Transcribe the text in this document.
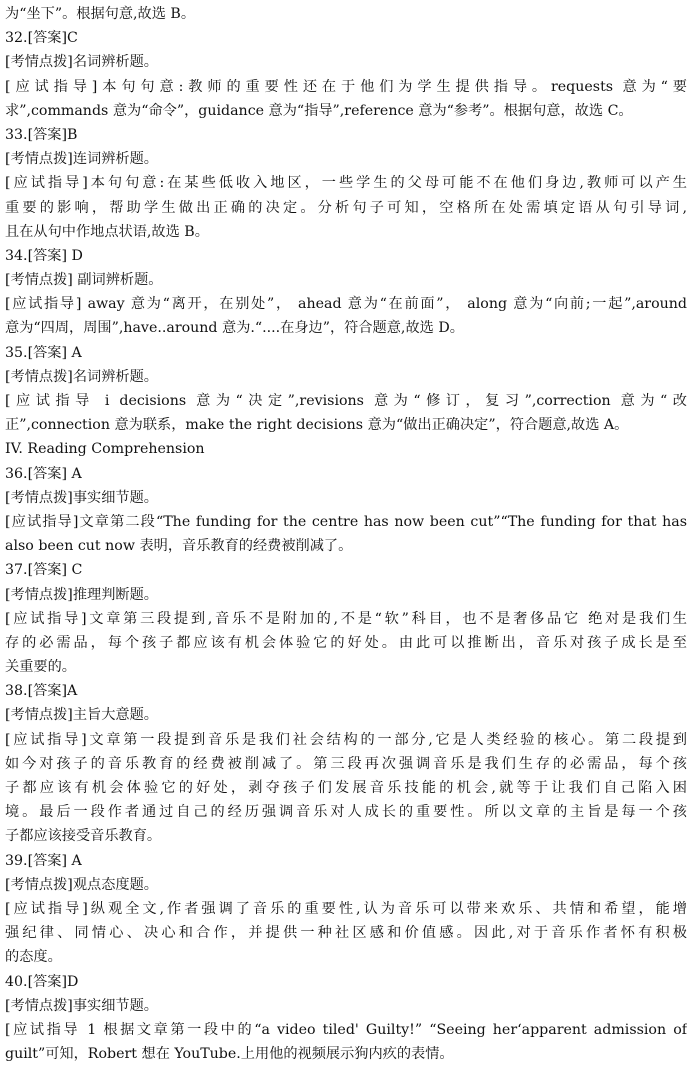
为“坐下”。根据句意,故选 B。
32.[答案]C
[考情点拨]名词辨析题。
[应试指导]本句句意:教师的重要性还在于他们为学生提供指导。requests 意为“要
求”,commands 意为“命令”，guidance 意为“指导”,reference 意为“参考”。根据句意，故选 C。
33.[答案]B
[考情点拨]连词辨析题。
[应试指导]本句句意:在某些低收入地区，一些学生的父母可能不在他们身边,教师可以产生
重要的影响，帮助学生做出正确的决定。分析句子可知，空格所在处需填定语从句引导词,
且在从句中作地点状语,故选 B。
34.[答案] D
[考情点拨] 副词辨析题。
[应试指导] away 意为“离开，在别处”， ahead 意为“在前面”， along 意为“向前;一起”,around
意为“四周，周围”,have..around 意为.“....在身边”，符合题意,故选 D。
35.[答案] A
[考情点拨]名词辨析题。
[应试指导 i decisions 意为“决定”,revisions 意为“修订，复习”,correction 意为“改
正”,connection 意为联系，make the right decisions 意为“做出正确决定”，符合题意,故选 A。
IV. Reading Comprehension
36.[答案] A
[考情点拨]事实细节题。
[应试指导]文章第二段“The funding for the centre has now been cut”“The funding for that has
also been cut now 表明，音乐教育的经费被削减了。
37.[答案] C
[考情点拨]推理判断题。
[应试指导]文章第三段提到,音乐不是附加的,不是“软”科目，也不是奢侈品它 绝对是我们生
存的必需品，每个孩子都应该有机会体验它的好处。由此可以推断出，音乐对孩子成长是至
关重要的。
38.[答案]A
[考情点拨]主旨大意题。
[应试指导]文章第一段提到音乐是我们社会结构的一部分,它是人类经验的核心。第二段提到
如今对孩子的音乐教育的经费被削减了。第三段再次强调音乐是我们生存的必需品，每个孩
子都应该有机会体验它的好处，剥夺孩子们发展音乐技能的机会,就等于让我们自己陷入困
境。最后一段作者通过自己的经历强调音乐对人成长的重要性。所以文章的主旨是每一个孩
子都应该接受音乐教育。
39.[答案] A
[考情点拨]观点态度题。
[应试指导]纵观全文,作者强调了音乐的重要性,认为音乐可以带来欢乐、共情和希望，能增
强纪律、同情心、决心和合作，并提供一种社区感和价值感。因此,对于音乐作者怀有积极
的态度。
40.[答案]D
[考情点拨]事实细节题。
[应试指导 1 根据文章第一段中的“a video tiled' Guilty!” “Seeing her‘apparent admission of
guilt”可知，Robert 想在 YouTube.上用他的视频展示狗内疚的表情。
